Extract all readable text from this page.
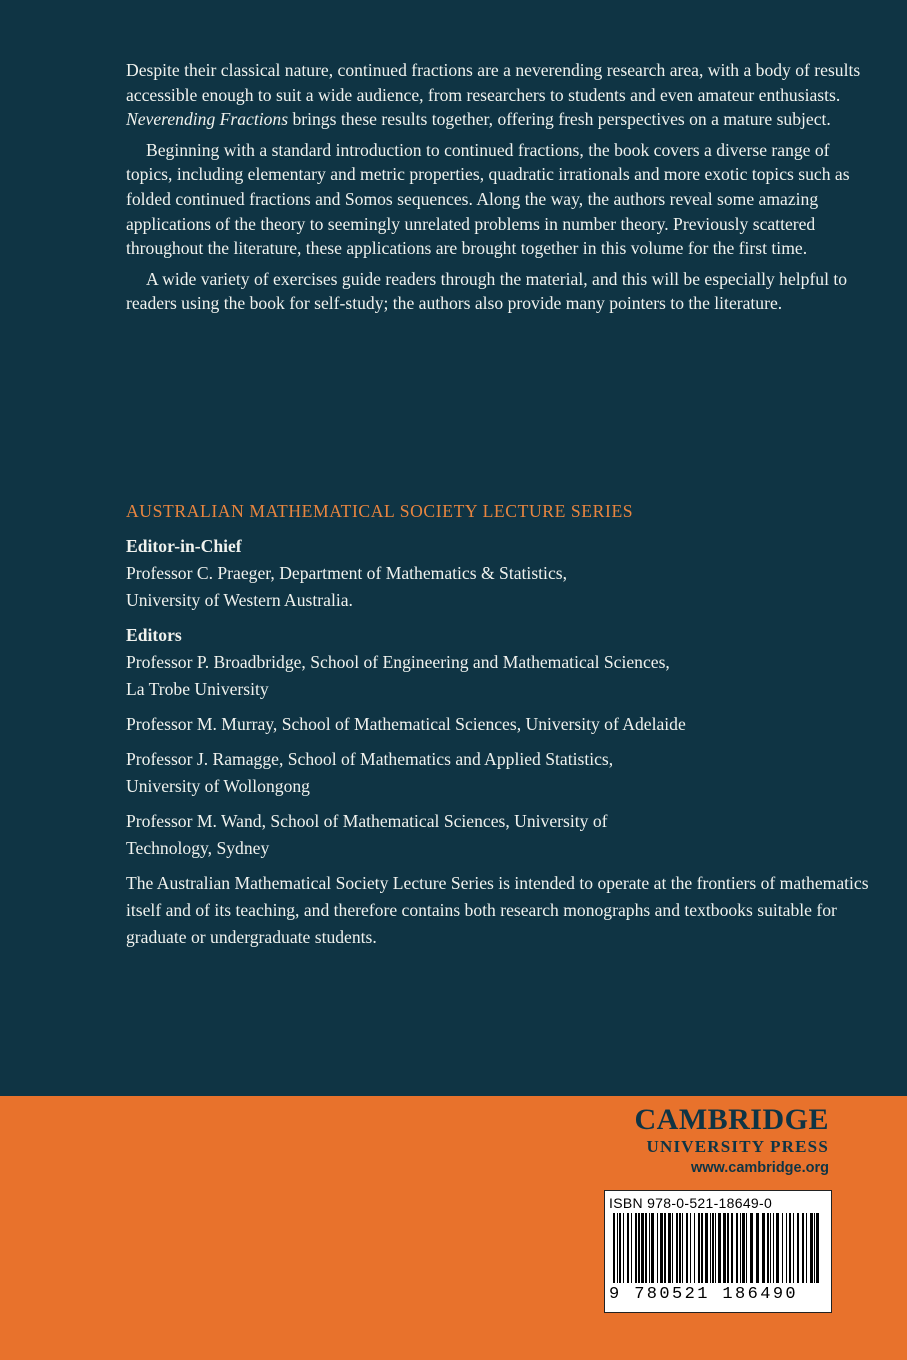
Despite their classical nature, continued fractions are a neverending research area, with a body of results accessible enough to suit a wide audience, from researchers to students and even amateur enthusiasts.
Neverending Fractions brings these results together, offering fresh perspectives on a mature subject.

Beginning with a standard introduction to continued fractions, the book covers a diverse range of topics, including elementary and metric properties, quadratic irrationals and more exotic topics such as folded continued fractions and Somos sequences. Along the way, the authors reveal some amazing applications of the theory to seemingly unrelated problems in number theory. Previously scattered throughout the literature, these applications are brought together in this volume for the first time.

A wide variety of exercises guide readers through the material, and this will be especially helpful to readers using the book for self-study; the authors also provide many pointers to the literature.

AUSTRALIAN MATHEMATICAL SOCIETY LECTURE SERIES
Editor-in-Chief
Professor C. Praeger, Department of Mathematics & Statistics,
University of Western Australia.
Editors
Professor P. Broadbridge, School of Engineering and Mathematical Sciences,
La Trobe University
Professor M. Murray, School of Mathematical Sciences, University of Adelaide
Professor J. Ramagge, School of Mathematics and Applied Statistics,
University of Wollongong
Professor M. Wand, School of Mathematical Sciences, University of
Technology, Sydney
The Australian Mathematical Society Lecture Series is intended to operate at the frontiers of mathematics itself and of its teaching, and therefore contains both research monographs and textbooks suitable for graduate or undergraduate students.
CAMBRIDGE
UNIVERSITY PRESS
www.cambridge.org
ISBN 978-0-521-18649-0
9 780521 186490
